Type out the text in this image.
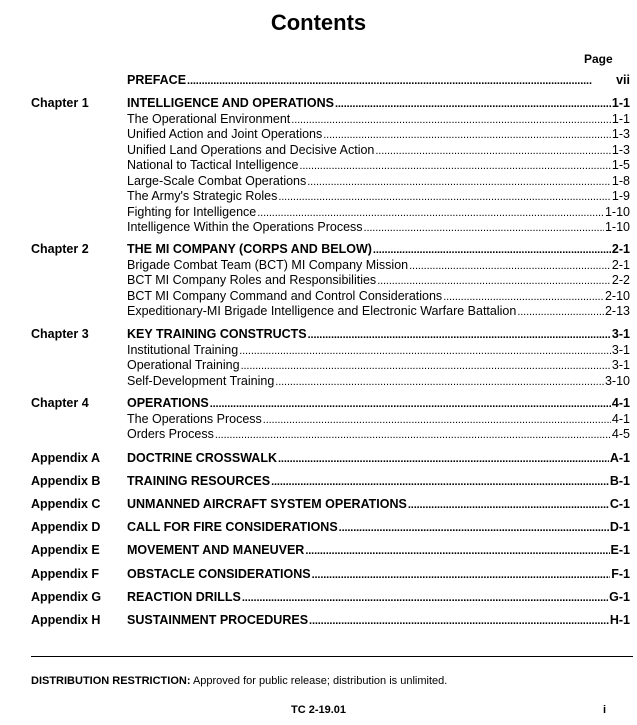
Contents
Page
PREFACE . . .	vii
Chapter 1	INTELLIGENCE AND OPERATIONS . . .	1-1
The Operational Environment . . .	1-1
Unified Action and Joint Operations . . .	1-3
Unified Land Operations and Decisive Action . . .	1-3
National to Tactical Intelligence . . .	1-5
Large-Scale Combat Operations . . .	1-8
The Army's Strategic Roles . . .	1-9
Fighting for Intelligence . . .	1-10
Intelligence Within the Operations Process . . .	1-10
Chapter 2	THE MI COMPANY (CORPS AND BELOW) . . .	2-1
Brigade Combat Team (BCT) MI Company Mission . . .	2-1
BCT MI Company Roles and Responsibilities . . .	2-2
BCT MI Company Command and Control Considerations . . .	2-10
Expeditionary-MI Brigade Intelligence and Electronic Warfare Battalion . . .	2-13
Chapter 3	KEY TRAINING CONSTRUCTS . . .	3-1
Institutional Training . . .	3-1
Operational Training . . .	3-1
Self-Development Training . . .	3-10
Chapter 4	OPERATIONS . . .	4-1
The Operations Process . . .	4-1
Orders Process . . .	4-5
Appendix A DOCTRINE CROSSWALK . . .	A-1
Appendix B TRAINING RESOURCES . . .	B-1
Appendix C UNMANNED AIRCRAFT SYSTEM OPERATIONS . . .	C-1
Appendix D CALL FOR FIRE CONSIDERATIONS . . .	D-1
Appendix E MOVEMENT AND MANEUVER . . .	E-1
Appendix F OBSTACLE CONSIDERATIONS . . .	F-1
Appendix G REACTION DRILLS . . .	G-1
Appendix H SUSTAINMENT PROCEDURES . . .	H-1
DISTRIBUTION RESTRICTION: Approved for public release; distribution is unlimited.
TC 2-19.01	i
